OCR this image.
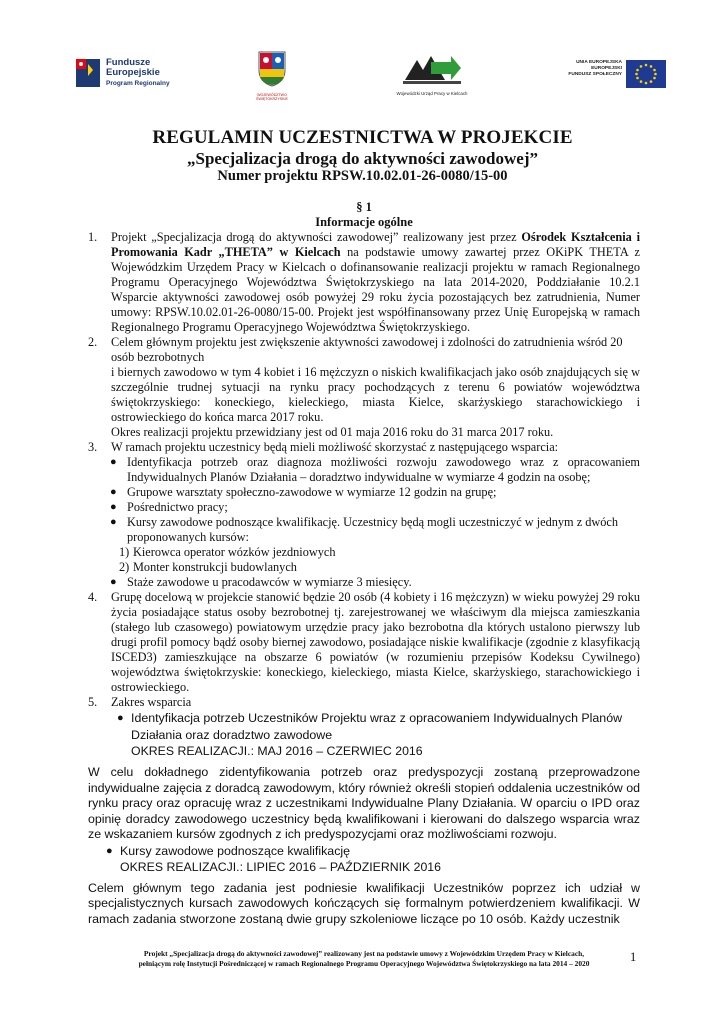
Fundusze Europejskie
Program Regionalny
WOJEWÓDZTWO ŚWIĘTOKRZYSKIE
Wojewódzki Urząd Pracy w Kielcach
UNIA EUROPEJSKA
EUROPEJSKI
FUNDUSZ SPOŁECZNY
REGULAMIN UCZESTNICTWA W PROJEKCIE
„Specjalizacja drogą do aktywności zawodowej”
Numer projektu RPSW.10.02.01-26-0080/15-00
§ 1
Informacje ogólne
1. Projekt „Specjalizacja drogą do aktywności zawodowej” realizowany jest przez Ośrodek Kształcenia i Promowania Kadr „THETA” w Kielcach na podstawie umowy zawartej przez OKiPK THETA z Wojewódzkim Urzędem Pracy w Kielcach o dofinansowanie realizacji projektu w ramach Regionalnego Programu Operacyjnego Województwa Świętokrzyskiego na lata 2014-2020, Poddziałanie 10.2.1 Wsparcie aktywności zawodowej osób powyżej 29 roku życia pozostających bez zatrudnienia, Numer umowy: RPSW.10.02.01-26-0080/15-00. Projekt jest współfinansowany przez Unię Europejską w ramach Regionalnego Programu Operacyjnego Województwa Świętokrzyskiego.
2. Celem głównym projektu jest zwiększenie aktywności zawodowej i zdolności do zatrudnienia wśród 20 osób bezrobotnych
i biernych zawodowo w tym 4 kobiet i 16 mężczyzn o niskich kwalifikacjach jako osób znajdujących się w szczególnie trudnej sytuacji na rynku pracy pochodzących z terenu 6 powiatów województwa świętokrzyskiego: koneckiego, kieleckiego, miasta Kielce, skarżyskiego starachowickiego i ostrowieckiego do końca marca 2017 roku.
Okres realizacji projektu przewidziany jest od 01 maja 2016 roku do 31 marca 2017 roku.
3. W ramach projektu uczestnicy będą mieli możliwość skorzystać z następującego wsparcia:
● Identyfikacja potrzeb oraz diagnoza możliwości rozwoju zawodowego wraz z opracowaniem Indywidualnych Planów Działania – doradztwo indywidualne w wymiarze 4 godzin na osobę;
● Grupowe warsztaty społeczno-zawodowe w wymiarze 12 godzin na grupę;
● Pośrednictwo pracy;
● Kursy zawodowe podnoszące kwalifikację. Uczestnicy będą mogli uczestniczyć w jednym z dwóch proponowanych kursów:
1) Kierowca operator wózków jezdniowych
2) Monter konstrukcji budowlanych
● Staże zawodowe u pracodawców w wymiarze 3 miesięcy.
4. Grupę docelową w projekcie stanowić będzie 20 osób (4 kobiety i 16 mężczyzn) w wieku powyżej 29 roku życia posiadające status osoby bezrobotnej tj. zarejestrowanej we właściwym dla miejsca zamieszkania (stałego lub czasowego) powiatowym urzędzie pracy jako bezrobotna dla których ustalono pierwszy lub drugi profil pomocy bądź osoby biernej zawodowo, posiadające niskie kwalifikacje (zgodnie z klasyfikacją ISCED3) zamieszkujące na obszarze 6 powiatów (w rozumieniu przepisów Kodeksu Cywilnego) województwa świętokrzyskie: koneckiego, kieleckiego, miasta Kielce, skarżyskiego, starachowickiego i ostrowieckiego.
5. Zakres wsparcia
● Identyfikacja potrzeb Uczestników Projektu wraz z opracowaniem Indywidualnych Planów Działania oraz doradztwo zawodowe
OKRES REALIZACJI.: MAJ 2016 – CZERWIEC 2016
W celu dokładnego zidentyfikowania potrzeb oraz predyspozycji zostaną przeprowadzone indywidualne zajęcia z doradcą zawodowym, który również określi stopień oddalenia uczestników od rynku pracy oraz opracuję wraz z uczestnikami Indywidualne Plany Działania. W oparciu o IPD oraz opinię doradcy zawodowego uczestnicy będą kwalifikowani i kierowani do dalszego wsparcia wraz ze wskazaniem kursów zgodnych z ich predyspozycjami oraz możliwościami rozwoju.
● Kursy zawodowe podnoszące kwalifikację
OKRES REALIZACJI.: LIPIEC 2016 – PAŹDZIERNIK 2016
Celem głównym tego zadania jest podniesie kwalifikacji Uczestników poprzez ich udział w specjalistycznych kursach zawodowych kończących się formalnym potwierdzeniem kwalifikacji. W ramach zadania stworzone zostaną dwie grupy szkoleniowe liczące po 10 osób. Każdy uczestnik
Projekt „Specjalizacja drogą do aktywności zawodowej” realizowany jest na podstawie umowy z Wojewódzkim Urzędem Pracy w Kielcach,
pełniącym rolę Instytucji Pośredniczącej w ramach Regionalnego Programu Operacyjnego Województwa Świętokrzyskiego na lata 2014 – 2020	1
